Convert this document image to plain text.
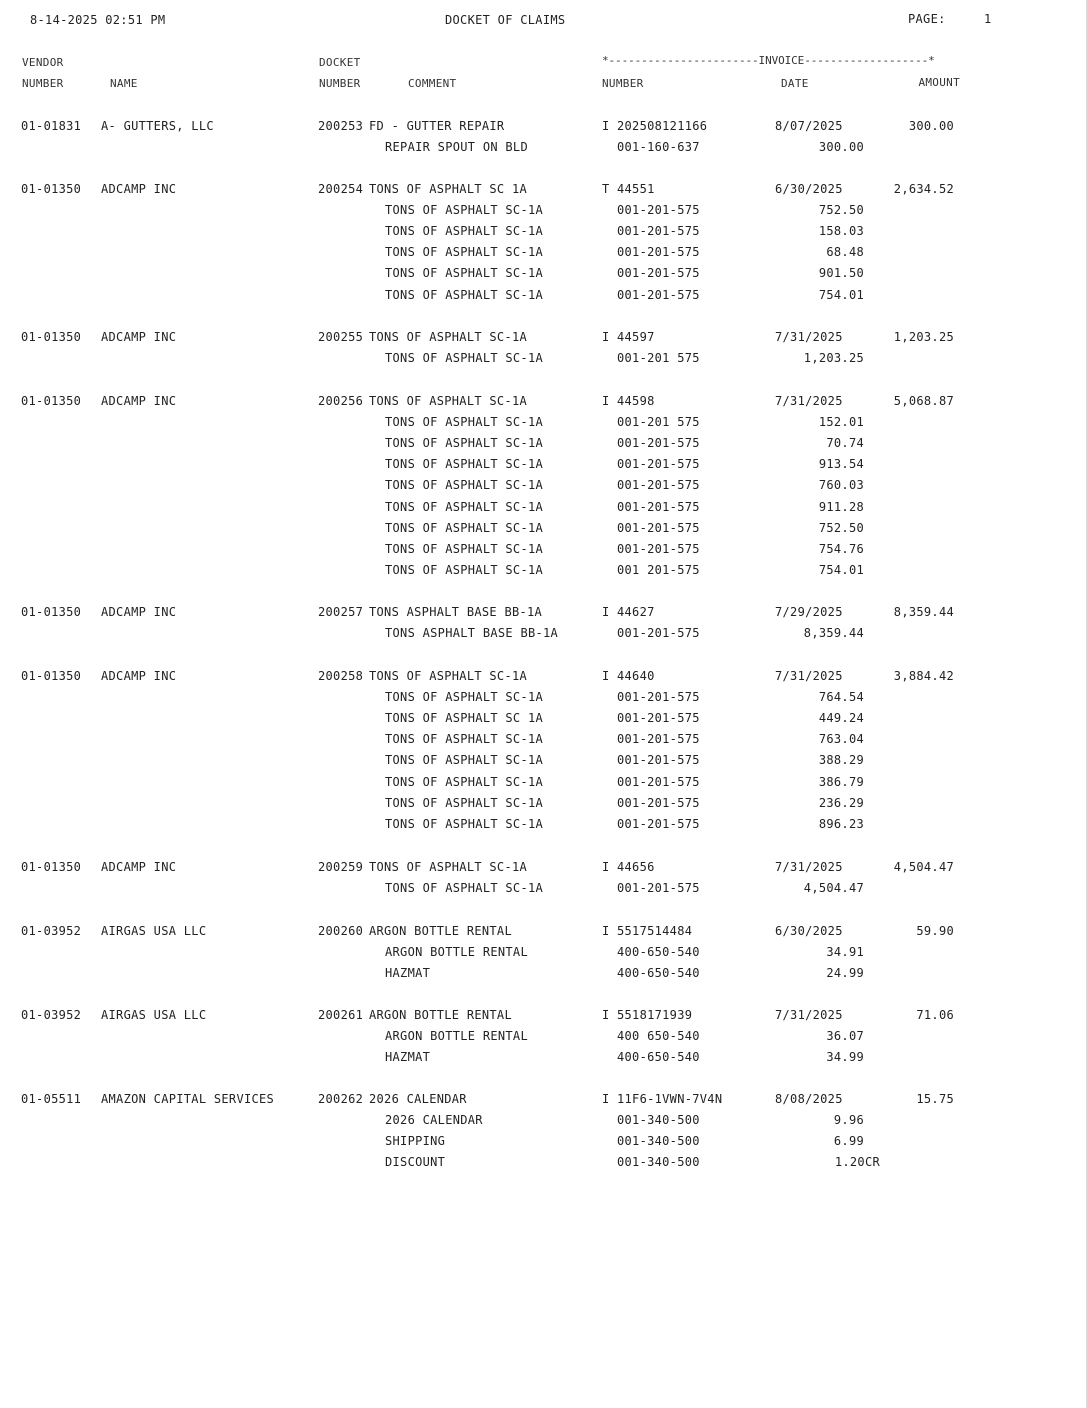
8-14-2025 02:51 PM	DOCKET OF CLAIMS	PAGE:	1
VENDOR
NUMBER	NAME
DOCKET
NUMBER	COMMENT
*-----------------------INVOICE-------------------*
NUMBER	DATE	AMOUNT
01-01831 A- GUTTERS, LLC	200253 FD - GUTTER REPAIR	I 202508121166	8/07/2025	300.00
REPAIR SPOUT ON BLD	001-160-637	300.00
01-01350 ADCAMP INC	200254 TONS OF ASPHALT SC 1A	T 44551	6/30/2025	2,634.52
TONS OF ASPHALT SC-1A	001-201-575	752.50
TONS OF ASPHALT SC-1A	001-201-575	158.03
TONS OF ASPHALT SC-1A	001-201-575	68.48
TONS OF ASPHALT SC-1A	001-201-575	901.50
TONS OF ASPHALT SC-1A	001-201-575	754.01
01-01350 ADCAMP INC	200255 TONS OF ASPHALT SC-1A	I 44597	7/31/2025	1,203.25
TONS OF ASPHALT SC-1A	001-201 575	1,203.25
01-01350 ADCAMP INC	200256 TONS OF ASPHALT SC-1A	I 44598	7/31/2025	5,068.87
TONS OF ASPHALT SC-1A	001-201 575	152.01
TONS OF ASPHALT SC-1A	001-201-575	70.74
TONS OF ASPHALT SC-1A	001-201-575	913.54
TONS OF ASPHALT SC-1A	001-201-575	760.03
TONS OF ASPHALT SC-1A	001-201-575	911.28
TONS OF ASPHALT SC-1A	001-201-575	752.50
TONS OF ASPHALT SC-1A	001-201-575	754.76
TONS OF ASPHALT SC-1A	001 201-575	754.01
01-01350 ADCAMP INC	200257 TONS ASPHALT BASE BB-1A	I 44627	7/29/2025	8,359.44
TONS ASPHALT BASE BB-1A	001-201-575	8,359.44
01-01350 ADCAMP INC	200258 TONS OF ASPHALT SC-1A	I 44640	7/31/2025	3,884.42
TONS OF ASPHALT SC-1A	001-201-575	764.54
TONS OF ASPHALT SC 1A	001-201-575	449.24
TONS OF ASPHALT SC-1A	001-201-575	763.04
TONS OF ASPHALT SC-1A	001-201-575	388.29
TONS OF ASPHALT SC-1A	001-201-575	386.79
TONS OF ASPHALT SC-1A	001-201-575	236.29
TONS OF ASPHALT SC-1A	001-201-575	896.23
01-01350 ADCAMP INC	200259 TONS OF ASPHALT SC-1A	I 44656	7/31/2025	4,504.47
TONS OF ASPHALT SC-1A	001-201-575	4,504.47
01-03952 AIRGAS USA LLC	200260 ARGON BOTTLE RENTAL	I 5517514484	6/30/2025	59.90
ARGON BOTTLE RENTAL	400-650-540	34.91
HAZMAT	400-650-540	24.99
01-03952 AIRGAS USA LLC	200261 ARGON BOTTLE RENTAL	I 5518171939	7/31/2025	71.06
ARGON BOTTLE RENTAL	400 650-540	36.07
HAZMAT	400-650-540	34.99
01-05511 AMAZON CAPITAL SERVICES	200262 2026 CALENDAR	I 11F6-1VWN-7V4N	8/08/2025	15.75
2026 CALENDAR	001-340-500	9.96
SHIPPING	001-340-500	6.99
DISCOUNT	001-340-500	1.20CR
